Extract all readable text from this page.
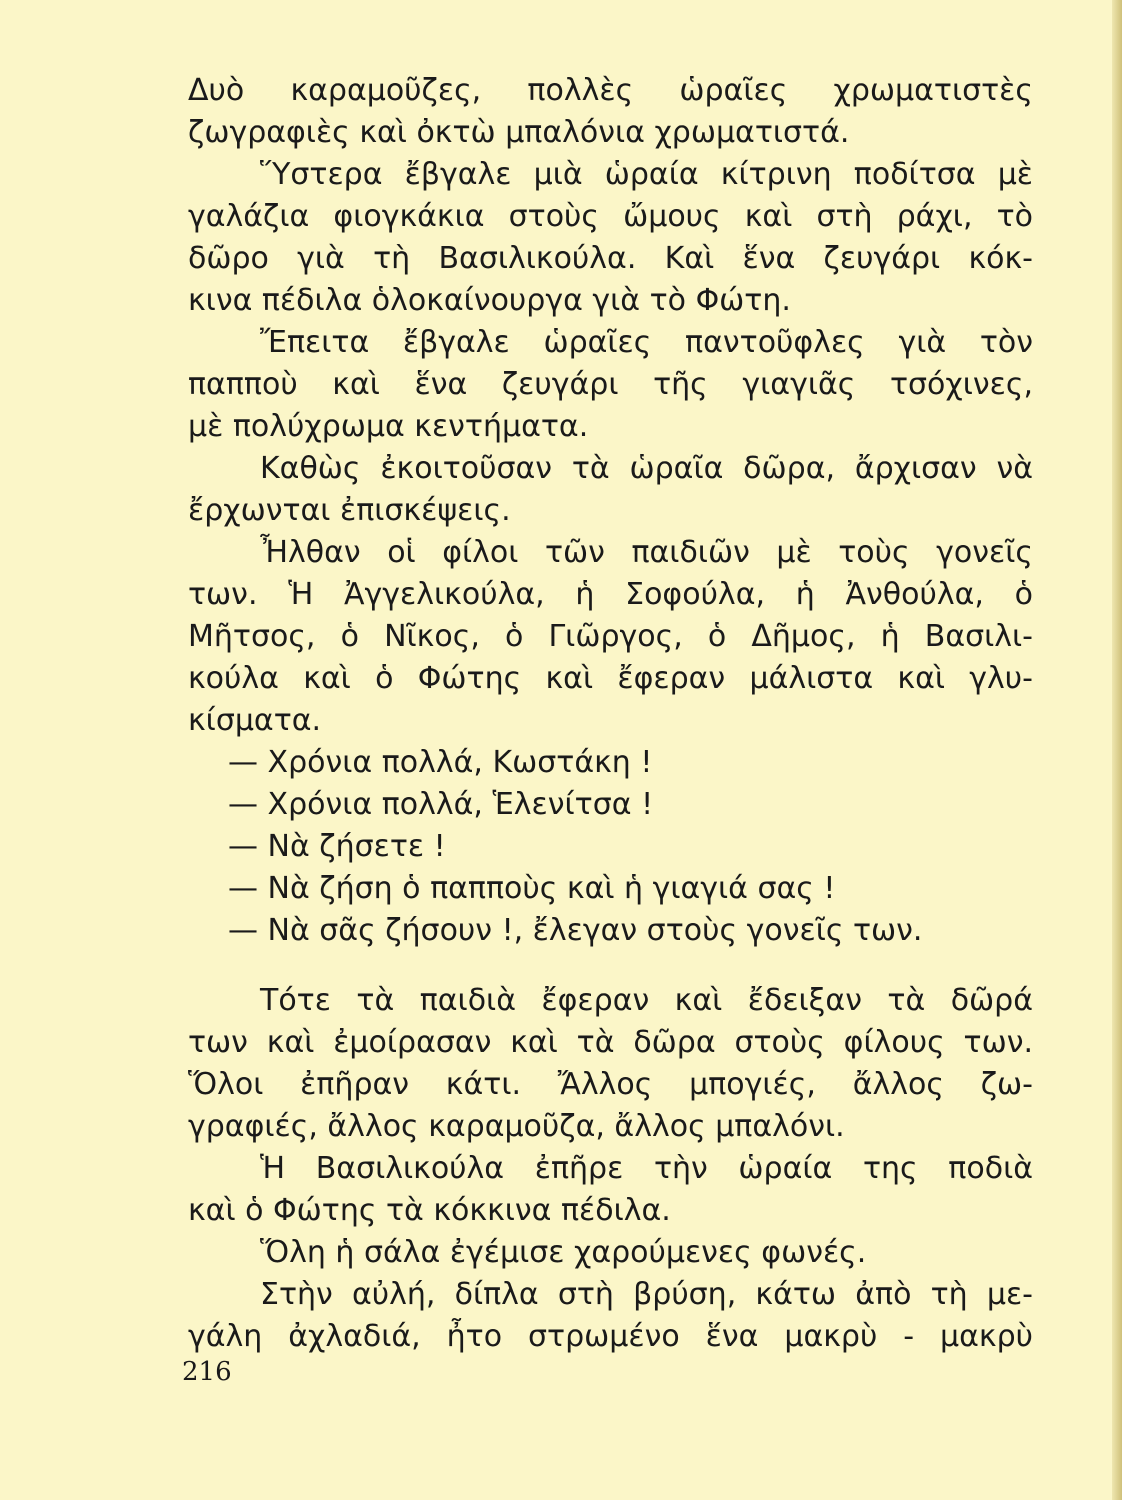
Δυὸ καραμοῦζες, πολλὲς ὡραῖες χρωματιστὲς
ζωγραφιὲς καὶ ὀκτὼ μπαλόνια χρωματιστά.
Ὕστερα ἔβγαλε μιὰ ὡραία κίτρινη ποδίτσα μὲ
γαλάζια φιογκάκια στοὺς ὤμους καὶ στὴ ράχι, τὸ
δῶρο γιὰ τὴ Βασιλικούλα. Καὶ ἕνα ζευγάρι κόκ-
κινα πέδιλα ὁλοκαίνουργα γιὰ τὸ Φώτη.
Ἔπειτα ἔβγαλε ὡραῖες παντοῦφλες γιὰ τὸν
παπποὺ καὶ ἕνα ζευγάρι τῆς γιαγιᾶς τσόχινες,
μὲ πολύχρωμα κεντήματα.
Καθὼς ἐκοιτοῦσαν τὰ ὡραῖα δῶρα, ἄρχισαν νὰ
ἔρχωνται ἐπισκέψεις.
Ἦλθαν οἱ φίλοι τῶν παιδιῶν μὲ τοὺς γονεῖς
των. Ἡ Ἀγγελικούλα, ἡ Σοφούλα, ἡ Ἀνθούλα, ὁ
Μῆτσος, ὁ Νῖκος, ὁ Γιῶργος, ὁ Δῆμος, ἡ Βασιλι-
κούλα καὶ ὁ Φώτης καὶ ἔφεραν μάλιστα καὶ γλυ-
κίσματα.
— Χρόνια πολλά, Κωστάκη !
— Χρόνια πολλά, Ἑλενίτσα !
— Νὰ ζήσετε !
— Νὰ ζήση ὁ παπποὺς καὶ ἡ γιαγιά σας !
— Νὰ σᾶς ζήσουν !, ἔλεγαν στοὺς γονεῖς των.
Τότε τὰ παιδιὰ ἔφεραν καὶ ἔδειξαν τὰ δῶρά
των καὶ ἐμοίρασαν καὶ τὰ δῶρα στοὺς φίλους των.
Ὅλοι ἐπῆραν κάτι. Ἄλλος μπογιές, ἄλλος ζω-
γραφιές, ἄλλος καραμοῦζα, ἄλλος μπαλόνι.
Ἡ Βασιλικούλα ἐπῆρε τὴν ὡραία της ποδιὰ
καὶ ὁ Φώτης τὰ κόκκινα πέδιλα.
Ὅλη ἡ σάλα ἐγέμισε χαρούμενες φωνές.
Στὴν αὐλή, δίπλα στὴ βρύση, κάτω ἀπὸ τὴ με-
γάλη ἀχλαδιά, ἦτο στρωμένο ἕνα μακρὺ - μακρὺ
216
